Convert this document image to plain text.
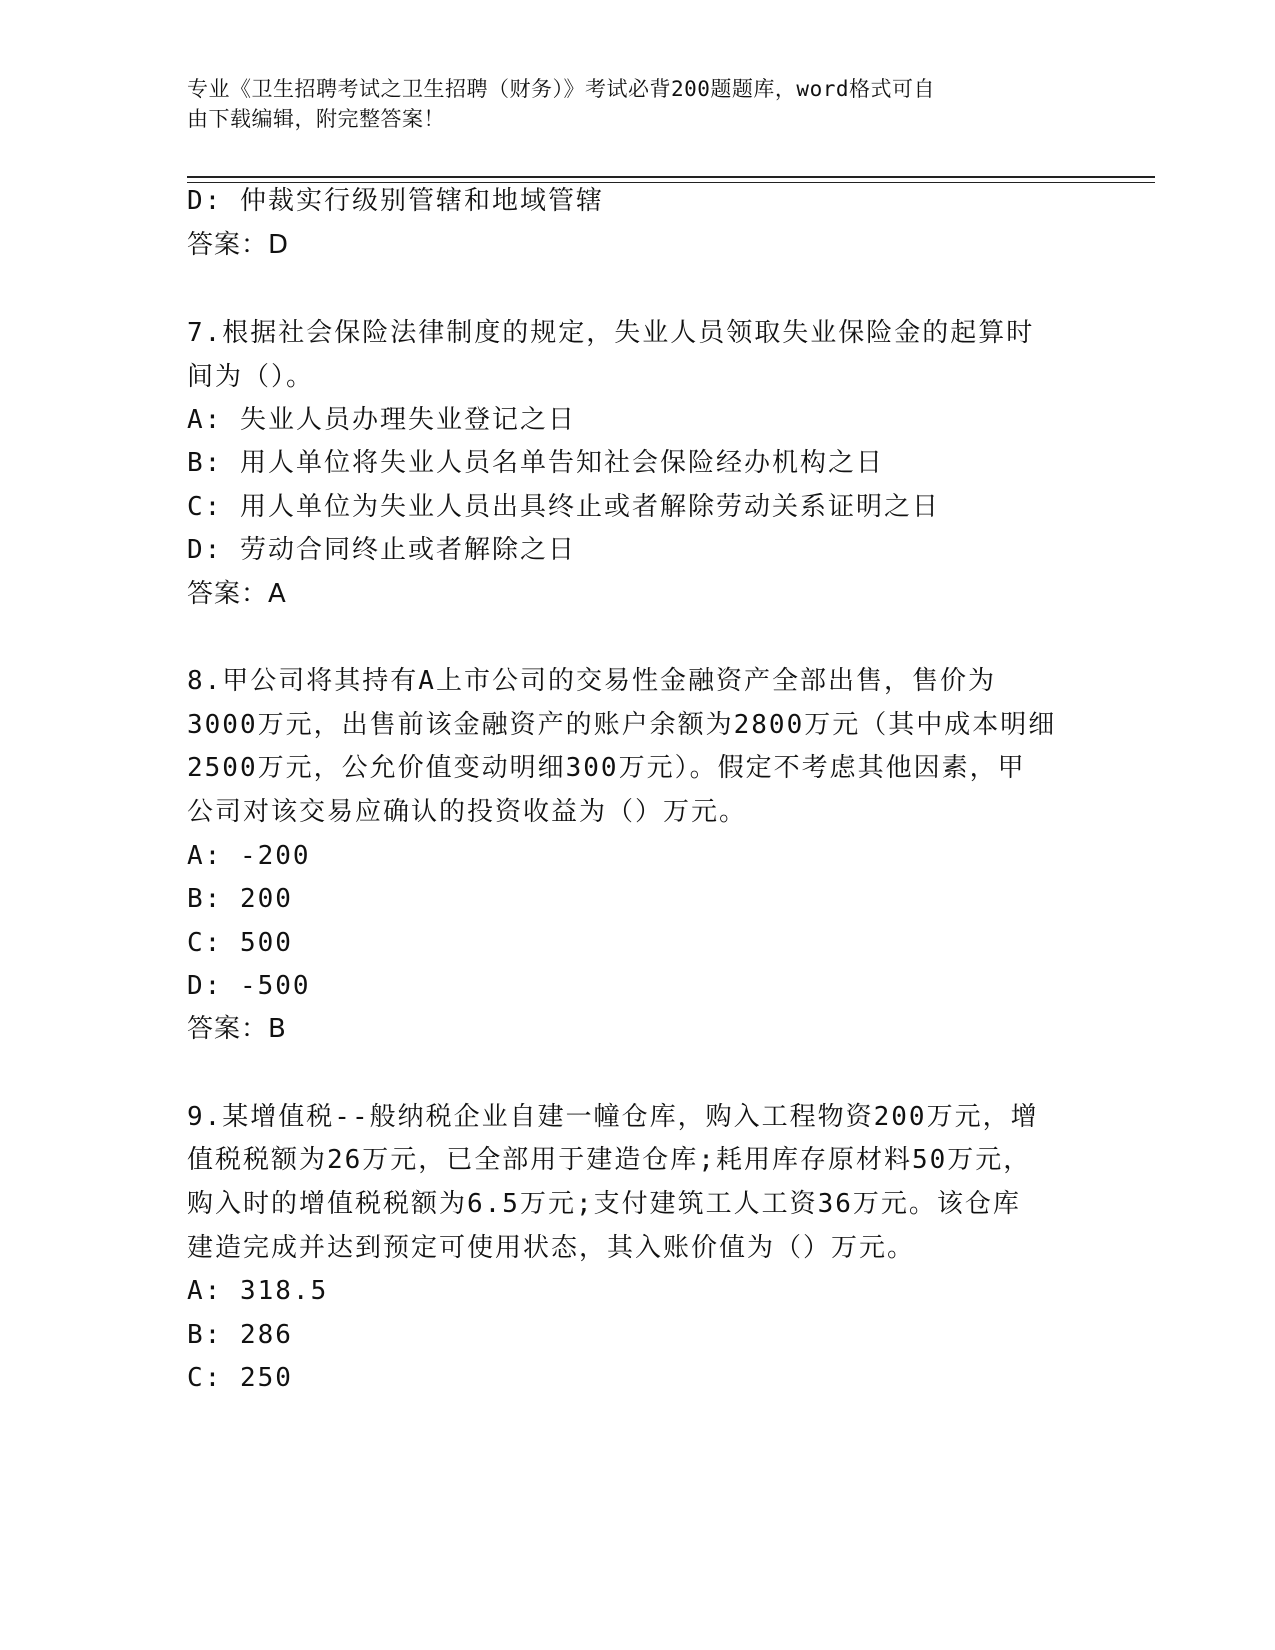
专业《卫生招聘考试之卫生招聘（财务）》考试必背200题题库，word格式可自
由下载编辑，附完整答案！
D: 仲裁实行级别管辖和地域管辖
答案：D
7.根据社会保险法律制度的规定，失业人员领取失业保险金的起算时
间为（）。
A: 失业人员办理失业登记之日
B: 用人单位将失业人员名单告知社会保险经办机构之日
C: 用人单位为失业人员出具终止或者解除劳动关系证明之日
D: 劳动合同终止或者解除之日
答案：A
8.甲公司将其持有A上市公司的交易性金融资产全部出售，售价为
3000万元，出售前该金融资产的账户余额为2800万元（其中成本明细
2500万元，公允价值变动明细300万元）。假定不考虑其他因素，甲
公司对该交易应确认的投资收益为（）万元。
A: -200
B: 200
C: 500
D: -500
答案：B
9.某增值税--般纳税企业自建一幢仓库，购入工程物资200万元，增
值税税额为26万元，已全部用于建造仓库;耗用库存原材料50万元，
购入时的增值税税额为6.5万元;支付建筑工人工资36万元。该仓库
建造完成并达到预定可使用状态，其入账价值为（）万元。
A: 318.5
B: 286
C: 250
